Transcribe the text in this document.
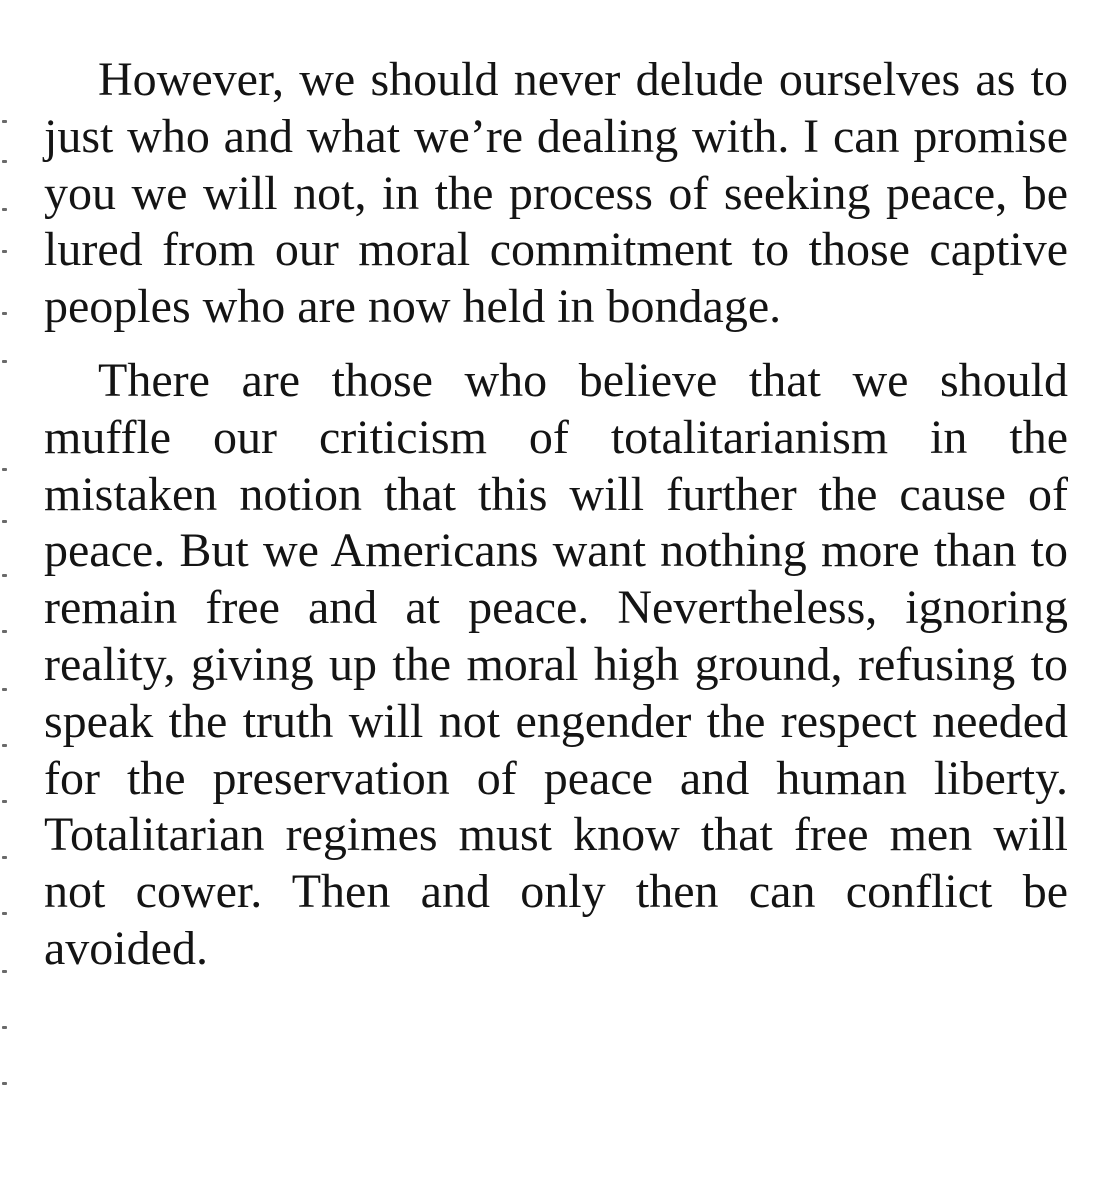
However, we should never delude ourselves as to just who and what we’re dealing with. I can promise you we will not, in the process of seeking peace, be lured from our moral commitment to those captive peoples who are now held in bondage.

There are those who believe that we should muffle our criticism of totalitarianism in the mistaken notion that this will further the cause of peace. But we Americans want nothing more than to remain free and at peace. Nevertheless, ignoring reality, giving up the moral high ground, refusing to speak the truth will not engender the respect needed for the preservation of peace and human liberty. Totalitarian regimes must know that free men will not cower. Then and only then can conflict be avoided.
